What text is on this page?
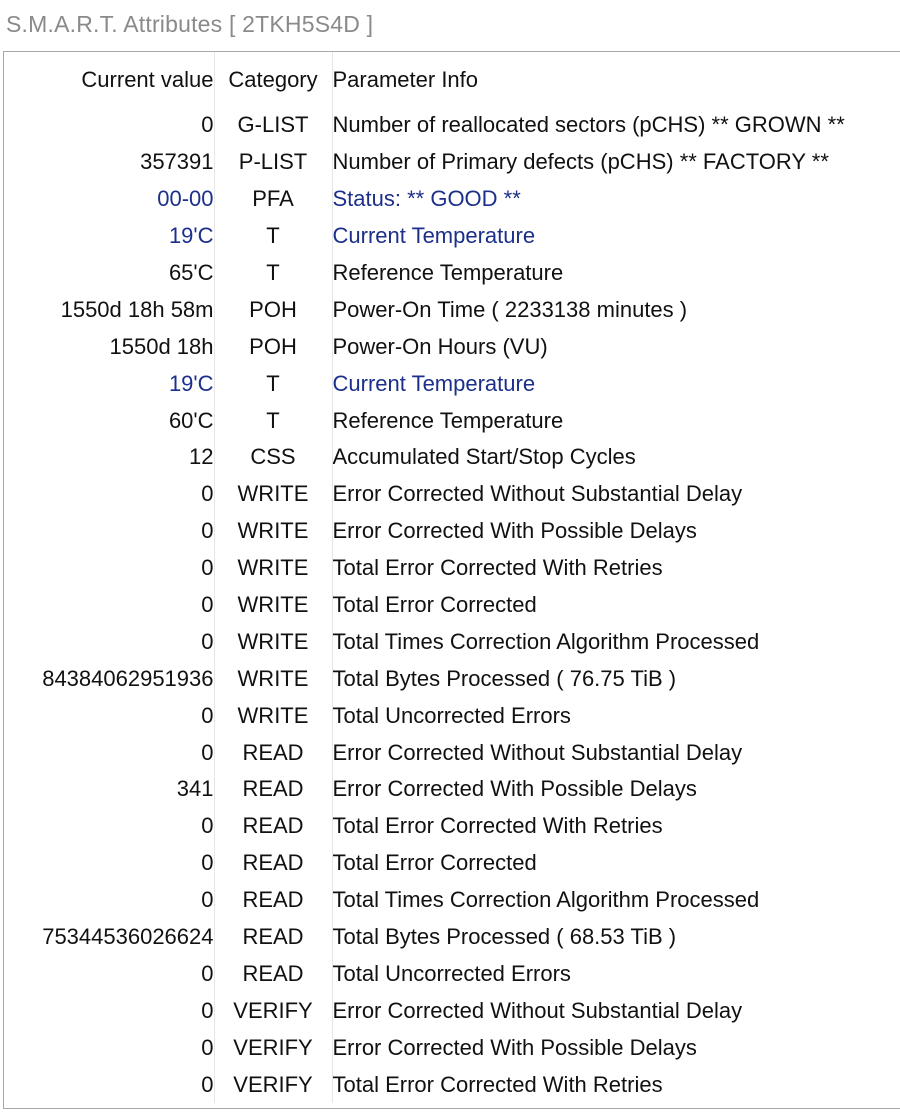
S.M.A.R.T. Attributes [ 2TKH5S4D ]
Current value	Category	Parameter Info
0	G-LIST	Number of reallocated sectors (pCHS) ** GROWN **
357391	P-LIST	Number of Primary defects (pCHS) ** FACTORY **
00-00	PFA	Status: ** GOOD **
19'C	T	Current Temperature
65'C	T	Reference Temperature
1550d 18h 58m	POH	Power-On Time ( 2233138 minutes )
1550d 18h	POH	Power-On Hours (VU)
19'C	T	Current Temperature
60'C	T	Reference Temperature
12	CSS	Accumulated Start/Stop Cycles
0	WRITE	Error Corrected Without Substantial Delay
0	WRITE	Error Corrected With Possible Delays
0	WRITE	Total Error Corrected With Retries
0	WRITE	Total Error Corrected
0	WRITE	Total Times Correction Algorithm Processed
84384062951936	WRITE	Total Bytes Processed ( 76.75 TiB )
0	WRITE	Total Uncorrected Errors
0	READ	Error Corrected Without Substantial Delay
341	READ	Error Corrected With Possible Delays
0	READ	Total Error Corrected With Retries
0	READ	Total Error Corrected
0	READ	Total Times Correction Algorithm Processed
75344536026624	READ	Total Bytes Processed ( 68.53 TiB )
0	READ	Total Uncorrected Errors
0	VERIFY	Error Corrected Without Substantial Delay
0	VERIFY	Error Corrected With Possible Delays
0	VERIFY	Total Error Corrected With Retries
